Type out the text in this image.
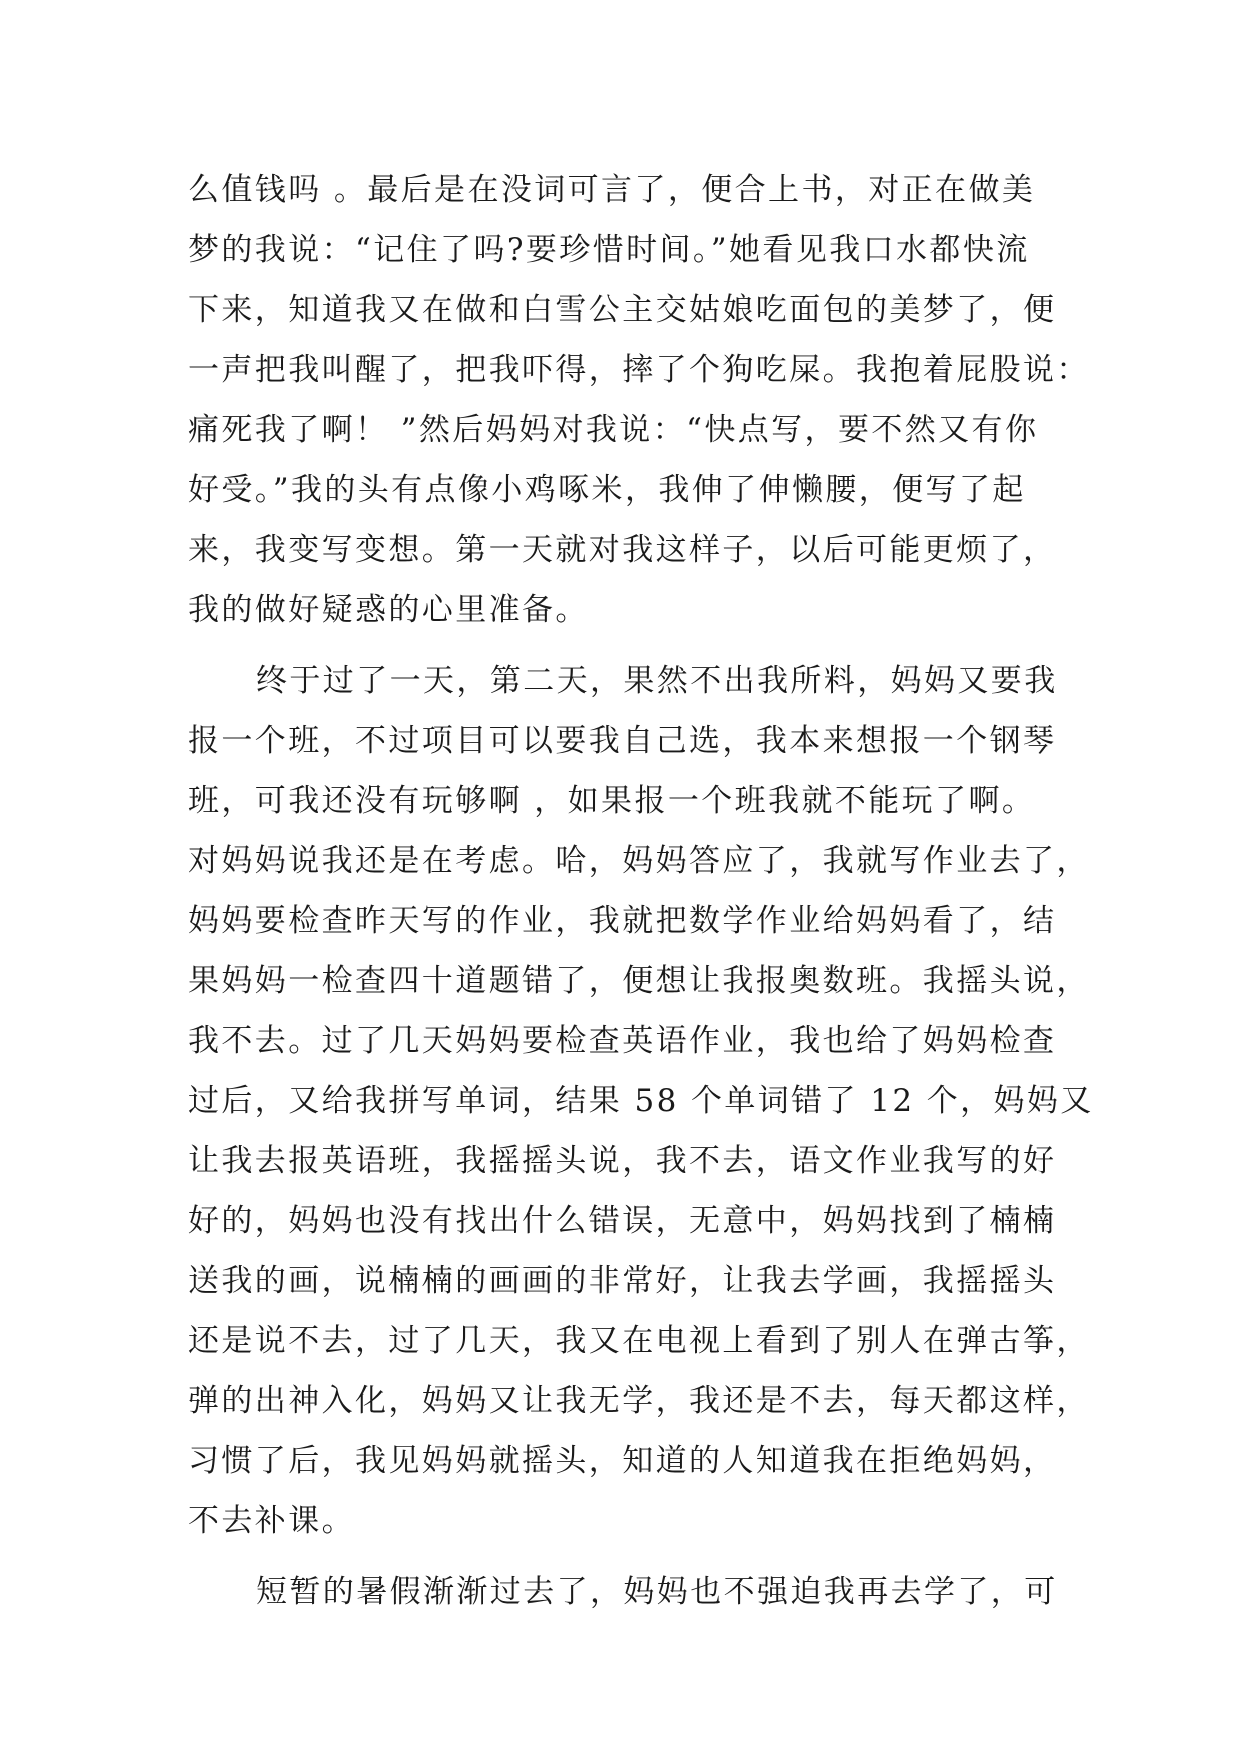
么值钱吗 。最后是在没词可言了，便合上书，对正在做美
梦的我说：“记住了吗?要珍惜时间。”她看见我口水都快流
下来，知道我又在做和白雪公主交姑娘吃面包的美梦了，便
一声把我叫醒了，把我吓得，摔了个狗吃屎。我抱着屁股说：
痛死我了啊！ ”然后妈妈对我说：“快点写，要不然又有你
好受。”我的头有点像小鸡啄米，我伸了伸懒腰，便写了起
来，我变写变想。第一天就对我这样子，以后可能更烦了，
我的做好疑惑的心里准备。
终于过了一天，第二天，果然不出我所料，妈妈又要我
报一个班，不过项目可以要我自己选，我本来想报一个钢琴
班，可我还没有玩够啊 ，如果报一个班我就不能玩了啊。
对妈妈说我还是在考虑。哈，妈妈答应了，我就写作业去了，
妈妈要检查昨天写的作业，我就把数学作业给妈妈看了，结
果妈妈一检查四十道题错了，便想让我报奥数班。我摇头说，
我不去。过了几天妈妈要检查英语作业，我也给了妈妈检查
过后，又给我拼写单词，结果 58 个单词错了 12 个，妈妈又
让我去报英语班，我摇摇头说，我不去，语文作业我写的好
好的，妈妈也没有找出什么错误，无意中，妈妈找到了楠楠
送我的画，说楠楠的画画的非常好，让我去学画，我摇摇头
还是说不去，过了几天，我又在电视上看到了别人在弹古筝，
弹的出神入化，妈妈又让我无学，我还是不去，每天都这样，
习惯了后，我见妈妈就摇头，知道的人知道我在拒绝妈妈，
不去补课。
短暂的暑假渐渐过去了，妈妈也不强迫我再去学了，可
